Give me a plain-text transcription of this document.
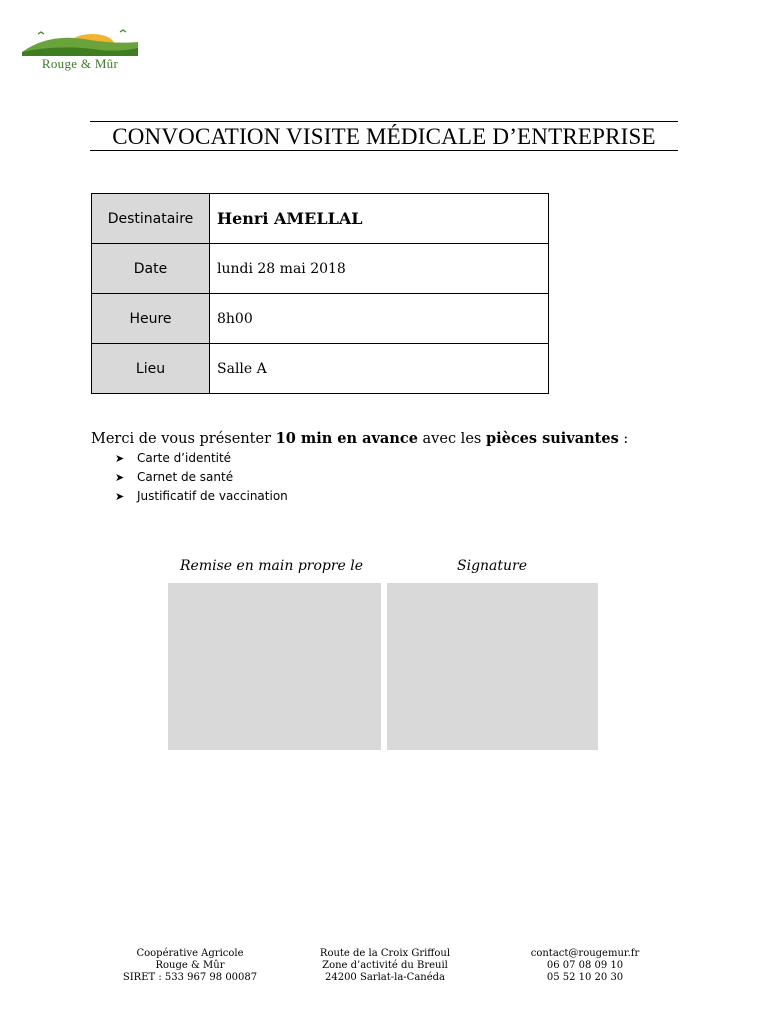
Rouge & Mûr
CONVOCATION VISITE MÉDICALE D’ENTREPRISE
Destinataire	Henri AMELLAL
Date	lundi 28 mai 2018
Heure	8h00
Lieu	Salle A
Merci de vous présenter 10 min en avance avec les pièces suivantes :
➤ Carte d’identité
➤ Carnet de santé
➤ Justificatif de vaccination
Remise en main propre le	Signature
Coopérative Agricole
Rouge & Mûr
SIRET : 533 967 98 00087
Route de la Croix Griffoul
Zone d’activité du Breuil
24200 Sarlat-la-Canéda
contact@rougemur.fr
06 07 08 09 10
05 52 10 20 30
